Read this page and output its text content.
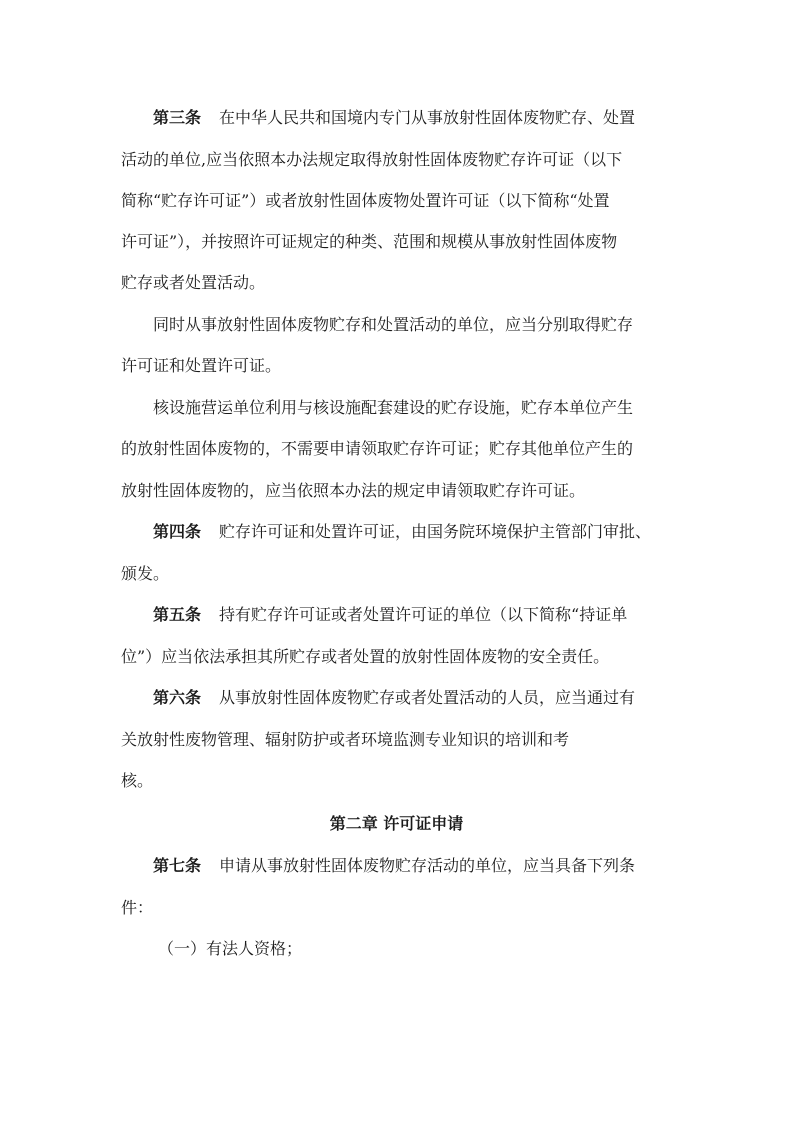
第三条 在中华人民共和国境内专门从事放射性固体废物贮存、处置
活动的单位,应当依照本办法规定取得放射性固体废物贮存许可证（以下
简称“贮存许可证”）或者放射性固体废物处置许可证（以下简称“处置
许可证”），并按照许可证规定的种类、范围和规模从事放射性固体废物
贮存或者处置活动。
同时从事放射性固体废物贮存和处置活动的单位，应当分别取得贮存
许可证和处置许可证。
核设施营运单位利用与核设施配套建设的贮存设施，贮存本单位产生
的放射性固体废物的，不需要申请领取贮存许可证；贮存其他单位产生的
放射性固体废物的，应当依照本办法的规定申请领取贮存许可证。
第四条 贮存许可证和处置许可证，由国务院环境保护主管部门审批、
颁发。
第五条 持有贮存许可证或者处置许可证的单位（以下简称“持证单
位”）应当依法承担其所贮存或者处置的放射性固体废物的安全责任。
第六条 从事放射性固体废物贮存或者处置活动的人员，应当通过有
关放射性废物管理、辐射防护或者环境监测专业知识的培训和考
核。
第二章 许可证申请
第七条 申请从事放射性固体废物贮存活动的单位，应当具备下列条
件：
（一）有法人资格；
